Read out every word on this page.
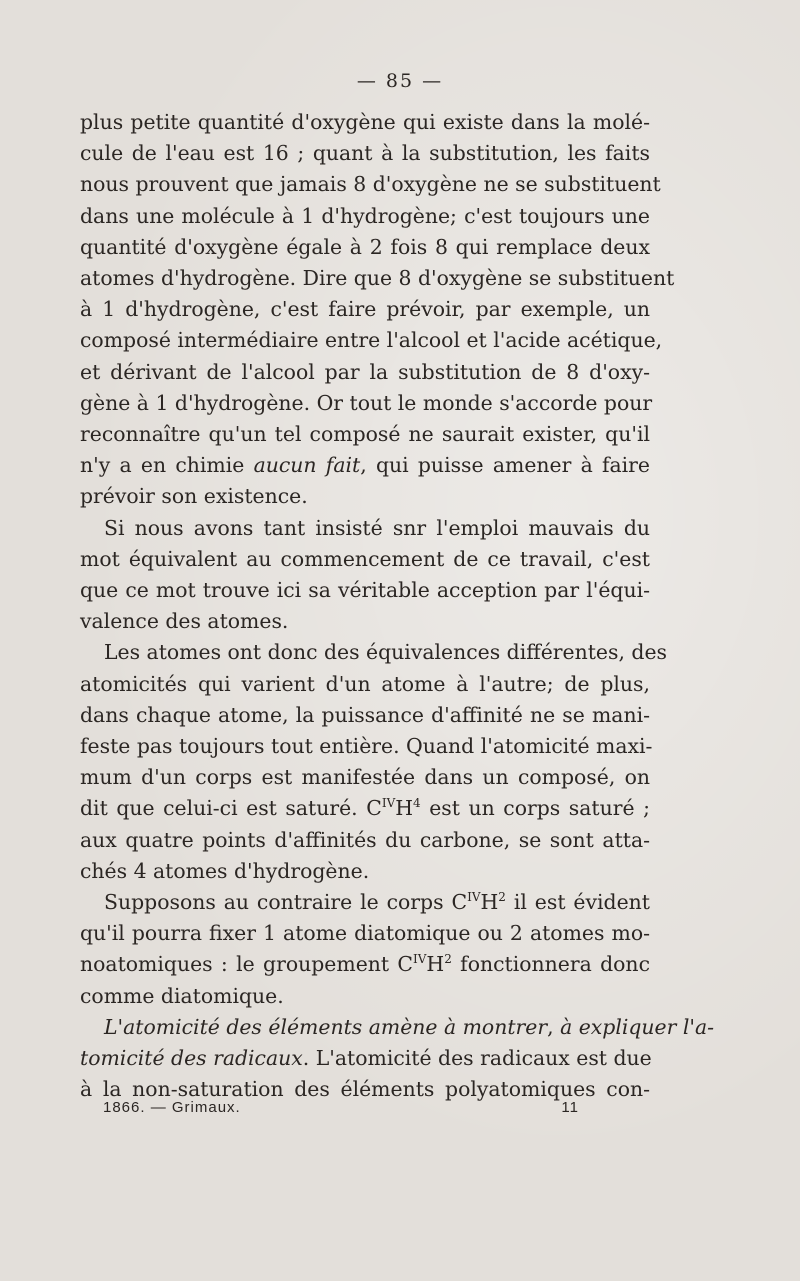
— 85 —
plus petite quantité d'oxygène qui existe dans la molé-
cule de l'eau est 16 ; quant à la substitution, les faits
nous prouvent que jamais 8 d'oxygène ne se substituent
dans une molécule à 1 d'hydrogène; c'est toujours une
quantité d'oxygène égale à 2 fois 8 qui remplace deux
atomes d'hydrogène. Dire que 8 d'oxygène se substituent
à 1 d'hydrogène, c'est faire prévoir, par exemple, un
composé intermédiaire entre l'alcool et l'acide acétique,
et dérivant de l'alcool par la substitution de 8 d'oxy-
gène à 1 d'hydrogène. Or tout le monde s'accorde pour
reconnaître qu'un tel composé ne saurait exister, qu'il
n'y a en chimie aucun fait, qui puisse amener à faire
prévoir son existence.
Si nous avons tant insisté snr l'emploi mauvais du
mot équivalent au commencement de ce travail, c'est
que ce mot trouve ici sa véritable acception par l'équi-
valence des atomes.
Les atomes ont donc des équivalences différentes, des
atomicités qui varient d'un atome à l'autre; de plus,
dans chaque atome, la puissance d'affinité ne se mani-
feste pas toujours tout entière. Quand l'atomicité maxi-
mum d'un corps est manifestée dans un composé, on
dit que celui-ci est saturé. $C^{IV}H^4$ est un corps saturé ;
aux quatre points d'affinités du carbone, se sont atta-
chés 4 atomes d'hydrogène.
Supposons au contraire le corps $C^{IV}H^2$ il est évident
qu'il pourra fixer 1 atome diatomique ou 2 atomes mo-
noatomiques : le groupement $C^{IV}H^2$ fonctionnera donc
comme diatomique.
L'atomicité des éléments amène à montrer, à expliquer l'a-
tomicité des radicaux. L'atomicité des radicaux est due
à la non-saturation des éléments polyatomiques con-
1866. — Grimaux.	11
